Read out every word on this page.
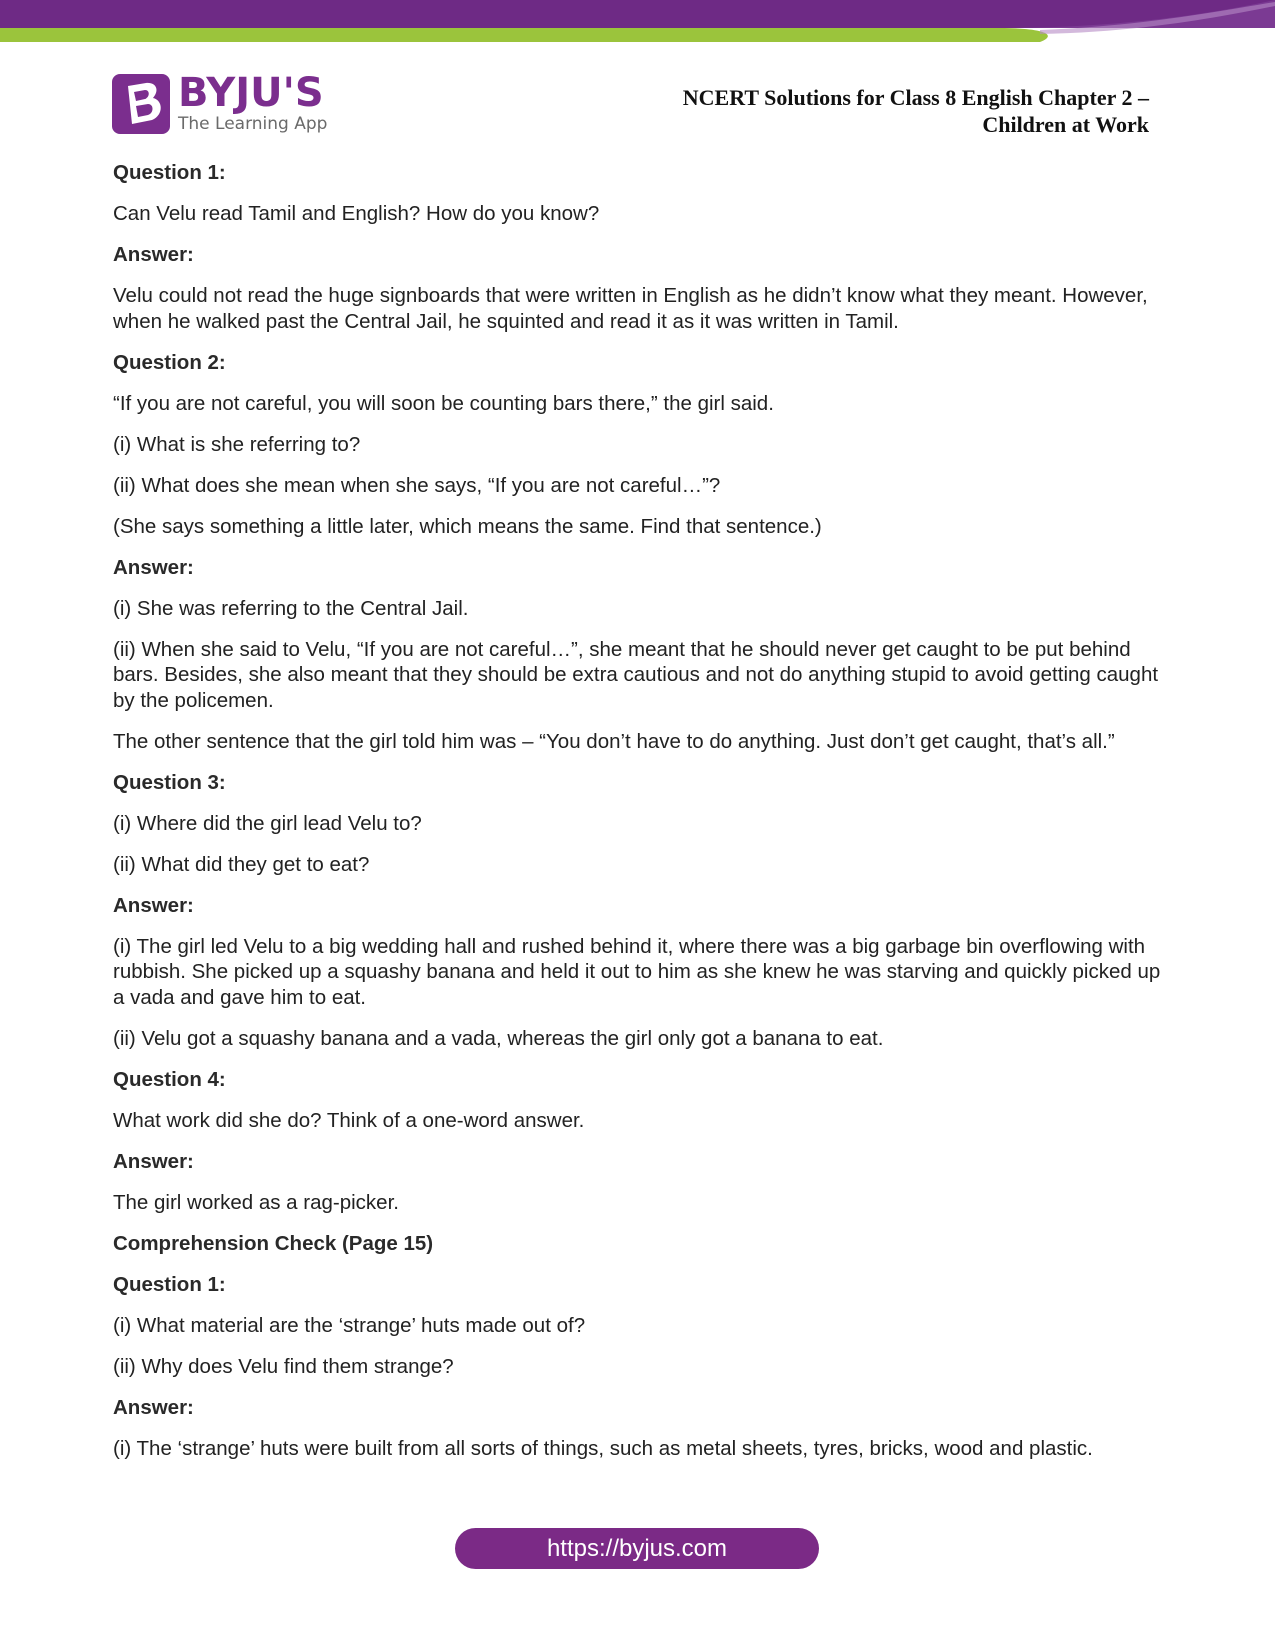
BYJU'S
The Learning App
NCERT Solutions for Class 8 English Chapter 2 –
Children at Work

Question 1:

Can Velu read Tamil and English? How do you know?

Answer:

Velu could not read the huge signboards that were written in English as he didn’t know what they meant. However, when he walked past the Central Jail, he squinted and read it as it was written in Tamil.

Question 2:

“If you are not careful, you will soon be counting bars there,” the girl said.

(i) What is she referring to?

(ii) What does she mean when she says, “If you are not careful…”?

(She says something a little later, which means the same. Find that sentence.)

Answer:

(i) She was referring to the Central Jail.

(ii) When she said to Velu, “If you are not careful…”, she meant that he should never get caught to be put behind bars. Besides, she also meant that they should be extra cautious and not do anything stupid to avoid getting caught by the policemen.

The other sentence that the girl told him was – “You don’t have to do anything. Just don’t get caught, that’s all.”

Question 3:

(i) Where did the girl lead Velu to?

(ii) What did they get to eat?

Answer:

(i) The girl led Velu to a big wedding hall and rushed behind it, where there was a big garbage bin overflowing with rubbish. She picked up a squashy banana and held it out to him as she knew he was starving and quickly picked up a vada and gave him to eat.

(ii) Velu got a squashy banana and a vada, whereas the girl only got a banana to eat.

Question 4:

What work did she do? Think of a one-word answer.

Answer:

The girl worked as a rag-picker.

Comprehension Check (Page 15)

Question 1:

(i) What material are the ‘strange’ huts made out of?

(ii) Why does Velu find them strange?

Answer:

(i) The ‘strange’ huts were built from all sorts of things, such as metal sheets, tyres, bricks, wood and plastic.

https://byjus.com
